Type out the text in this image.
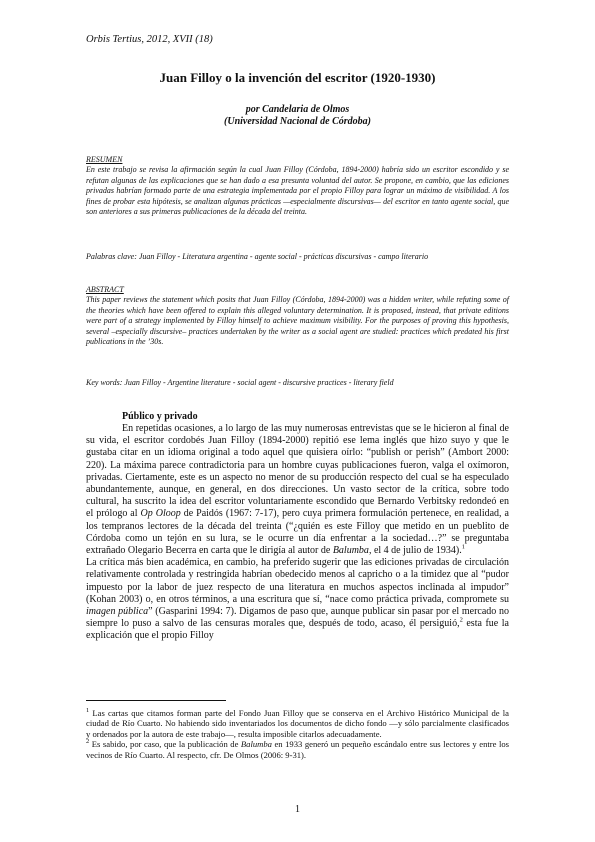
Orbis Tertius, 2012, XVII (18)
Juan Filloy o la invención del escritor (1920-1930)
por Candelaria de Olmos
(Universidad Nacional de Córdoba)
RESUMEN
En este trabajo se revisa la afirmación según la cual Juan Filloy (Córdoba, 1894-2000) habría sido un escritor escondido y se refutan algunas de las explicaciones que se han dado a esa presunta voluntad del autor. Se propone, en cambio, que las ediciones privadas habrían formado parte de una estrategia implementada por el propio Filloy para lograr un máximo de visibilidad. A los fines de probar esta hipótesis, se analizan algunas prácticas —especialmente discursivas— del escritor en tanto agente social, que son anteriores a sus primeras publicaciones de la década del treinta.
Palabras clave: Juan Filloy - Literatura argentina - agente social - prácticas discursivas - campo literario
ABSTRACT
This paper reviews the statement which posits that Juan Filloy (Córdoba, 1894-2000) was a hidden writer, while refuting some of the theories which have been offered to explain this alleged voluntary determination. It is proposed, instead, that private editions were part of a strategy implemented by Filloy himself to achieve maximum visibility. For the purposes of proving this hypothesis, several –especially discursive– practices undertaken by the writer as a social agent are studied: practices which predated his first publications in the ’30s.
Key words: Juan Filloy - Argentine literature - social agent - discursive practices - literary field
Público y privado

En repetidas ocasiones, a lo largo de las muy numerosas entrevistas que se le hicieron al final de su vida, el escritor cordobés Juan Filloy (1894-2000) repitió ese lema inglés que hizo suyo y que le gustaba citar en un idioma original a todo aquel que quisiera oírlo: “publish or perish” (Ambort 2000: 220). La máxima parece contradictoria para un hombre cuyas publicaciones fueron, valga el oxímoron, privadas. Ciertamente, este es un aspecto no menor de su producción respecto del cual se ha especulado abundantemente, aunque, en general, en dos direcciones. Un vasto sector de la crítica, sobre todo cultural, ha suscrito la idea del escritor voluntariamente escondido que Bernardo Verbitsky redondeó en el prólogo al Op Oloop de Paidós (1967: 7-17), pero cuya primera formulación pertenece, en realidad, a los tempranos lectores de la década del treinta (“¿quién es este Filloy que metido en un pueblito de Córdoba como un tejón en su lura, se le ocurre un día enfrentar a la sociedad…?” se preguntaba extrañado Olegario Becerra en carta que le dirigía al autor de Balumba, el 4 de julio de 1934).$^1$

La crítica más bien académica, en cambio, ha preferido sugerir que las ediciones privadas de circulación relativamente controlada y restringida habrían obedecido menos al capricho o a la timidez que al “pudor impuesto por la labor de juez respecto de una literatura en muchos aspectos inclinada al impudor” (Kohan 2003) o, en otros términos, a una escritura que sí, “nace como práctica privada, compromete su imagen pública” (Gasparini 1994: 7). Digamos de paso que, aunque publicar sin pasar por el mercado no siempre lo puso a salvo de las censuras morales que, después de todo, acaso, él persiguió,$^2$ esta fue la explicación que el propio Filloy

$^1$ Las cartas que citamos forman parte del Fondo Juan Filloy que se conserva en el Archivo Histórico Municipal de la ciudad de Río Cuarto. No habiendo sido inventariados los documentos de dicho fondo —y sólo parcialmente clasificados y ordenados por la autora de este trabajo—, resulta imposible citarlos adecuadamente.

$^2$ Es sabido, por caso, que la publicación de Balumba en 1933 generó un pequeño escándalo entre sus lectores y entre los vecinos de Río Cuarto. Al respecto, cfr. De Olmos (2006: 9-31).

1
